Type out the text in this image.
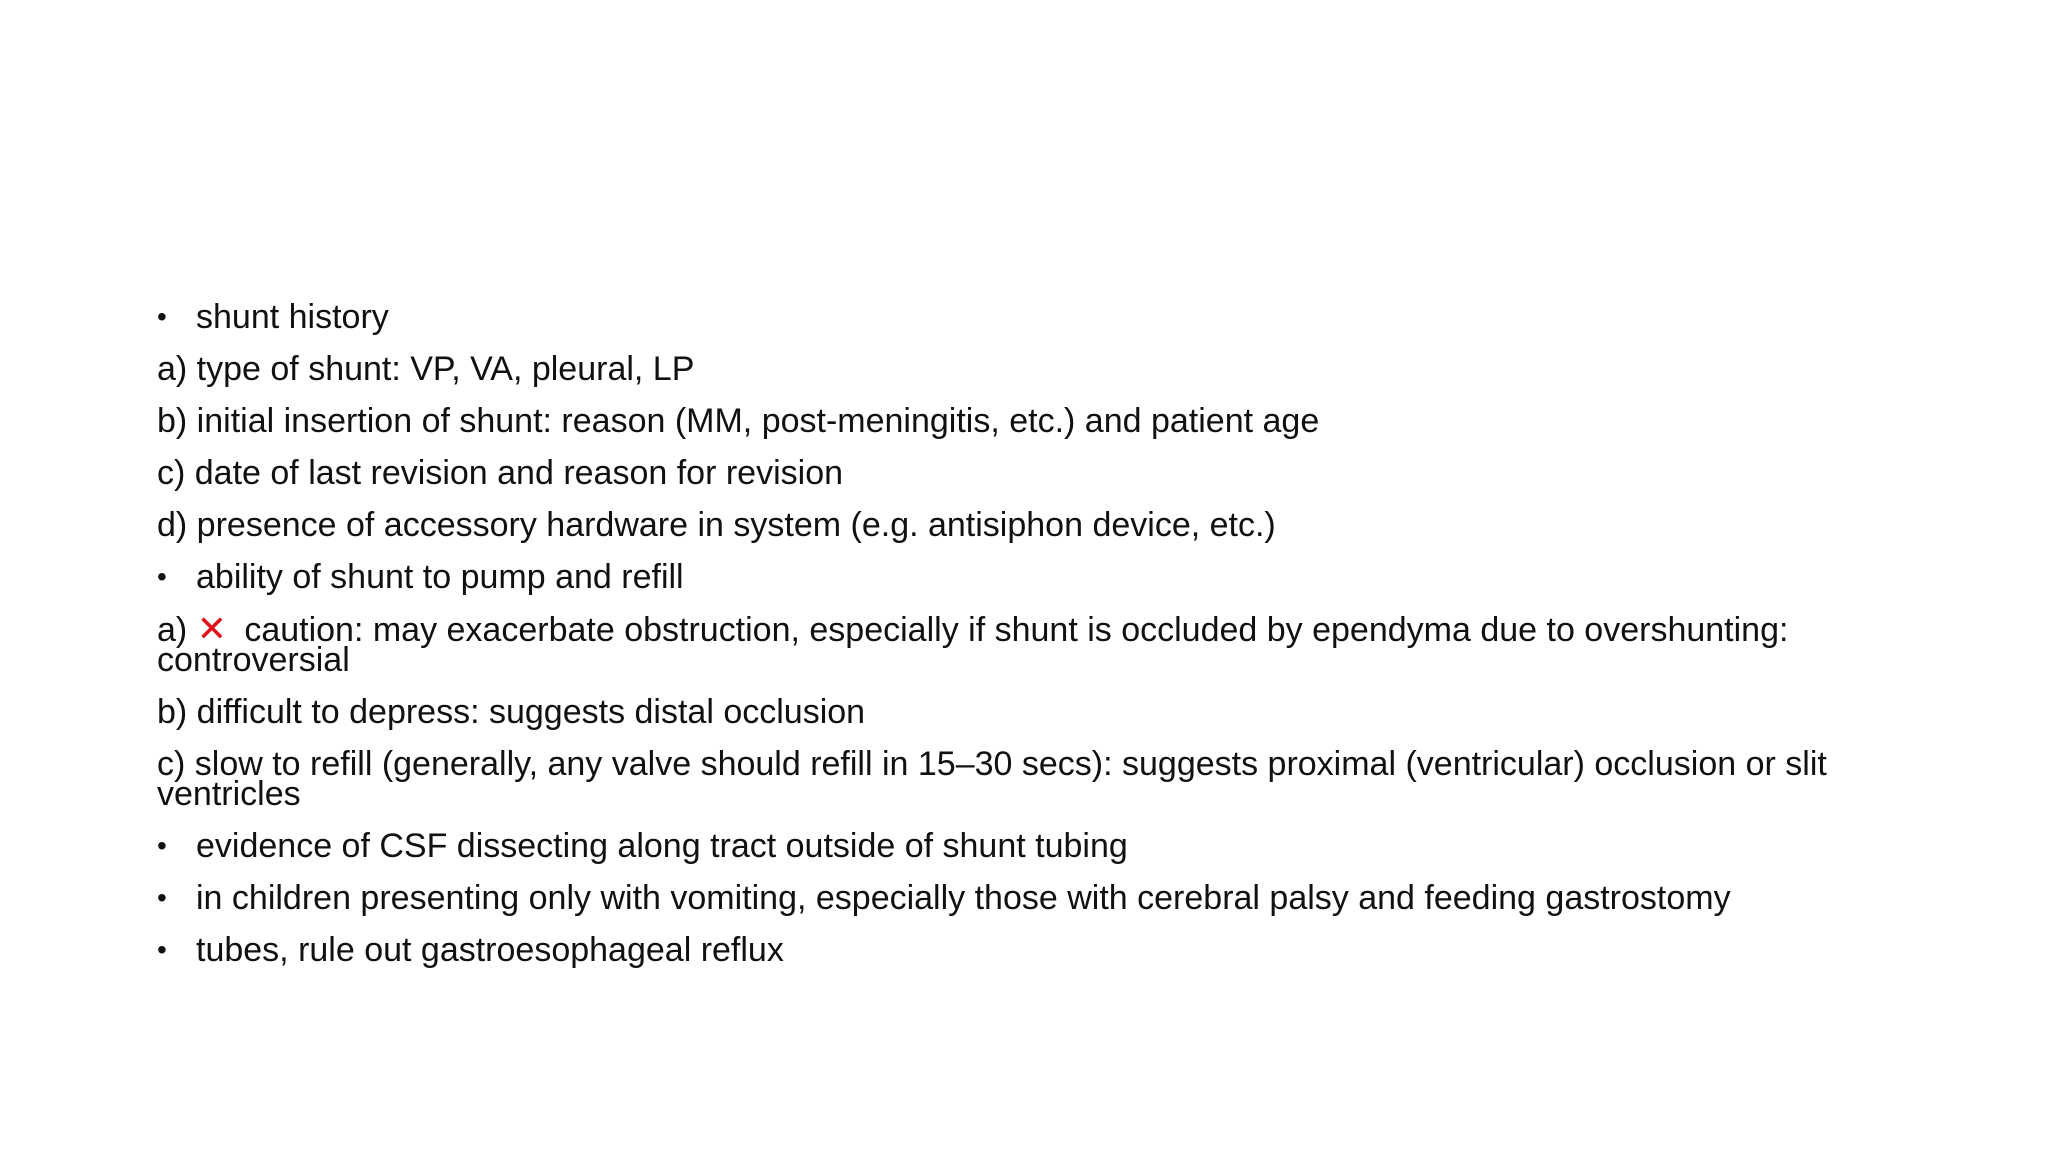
• shunt history
a) type of shunt: VP, VA, pleural, LP
b) initial insertion of shunt: reason (MM, post-meningitis, etc.) and patient age
c) date of last revision and reason for revision
d) presence of accessory hardware in system (e.g. antisiphon device, etc.)
• ability of shunt to pump and refill
a) ✕ caution: may exacerbate obstruction, especially if shunt is occluded by ependyma due to overshunting: controversial
b) difficult to depress: suggests distal occlusion
c) slow to refill (generally, any valve should refill in 15–30 secs): suggests proximal (ventricular) occlusion or slit ventricles
• evidence of CSF dissecting along tract outside of shunt tubing
• in children presenting only with vomiting, especially those with cerebral palsy and feeding gastrostomy
• tubes, rule out gastroesophageal reflux
